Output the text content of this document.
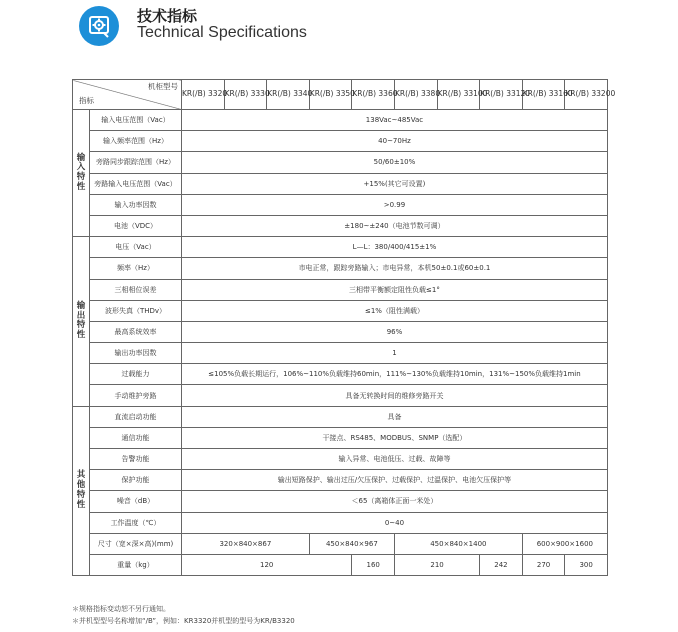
技术指标
Technical Specifications
机柜型号
指标		KR(/B) 3320	KR(/B) 3330	KR(/B) 3340	KR(/B) 3350	KR(/B) 3360	KR(/B) 3380	KR(/B) 33100	KR(/B) 33120	KR(/B) 33160	KR(/B) 33200
输入特性	输入电压范围（Vac）	138Vac~485Vac									
	输入频率范围（Hz）	40~70Hz									
	旁路同步跟踪范围（Hz）	50/60±10%									
	旁路输入电压范围（Vac）	+15%(其它可设置)									
	输入功率因数	>0.99									
	电池（VDC）	±180~±240（电池节数可调）									
输出特性	电压（Vac）	L—L：380/400/415±1%									
	频率（Hz）	市电正常，跟踪旁路输入；市电异常，本机50±0.1或60±0.1									
	三相相位误差	三相带平衡额定阻性负载≤1°									
	波形失真（THDv）	≤1%（阻性满载）									
	最高系统效率	96%									
	输出功率因数	1									
	过载能力	≤105%负载长期运行，106%~110%负载维持60min，111%~130%负载维持10min，131%~150%负载维持1min									
	手动维护旁路	具备无转换时间的维修旁路开关									
其他特性	直流启动功能	具备									
	通信功能	干接点、RS485、MODBUS、SNMP（选配）									
	告警功能	输入异常、电池低压、过载、故障等									
	保护功能	输出短路保护、输出过压/欠压保护、过载保护、过温保护、电池欠压保护等									
	噪音（dB）	＜65（离箱体正面一米处）									
	工作温度（℃）	0~40									
	尺寸（宽×深×高)(mm)	320×840×867			450×840×967		450×840×1400			600×900×1600	
	重量（kg）	120				160	210		242	270	300
＊规格指标变动恕不另行通知。
＊并机型型号名称增加“/B”，例如：KR3320并机型的型号为KR/B3320
